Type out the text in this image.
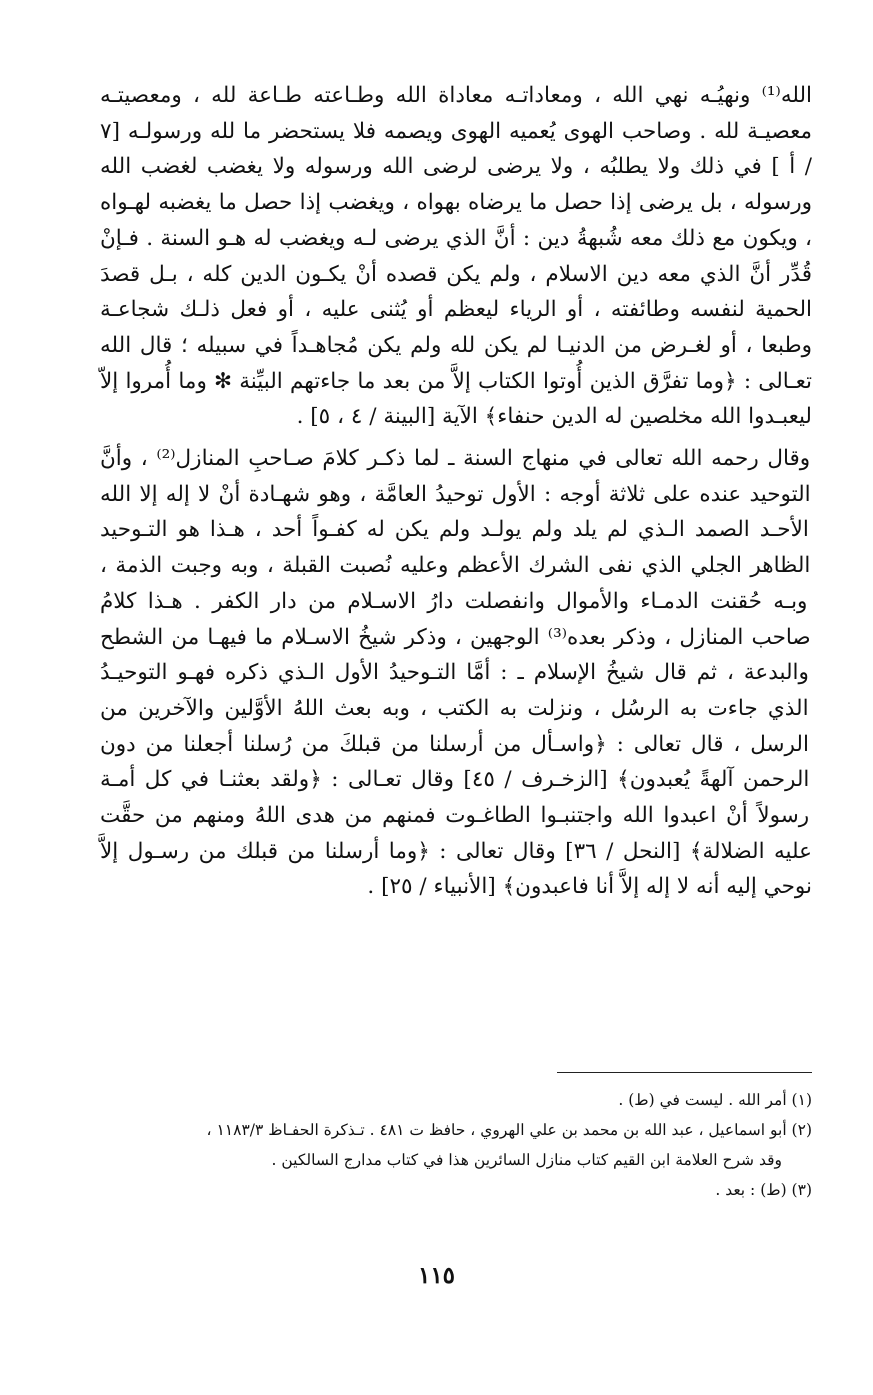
الله⁽¹⁾ ونهيُـه نهي الله ، ومعاداتـه معاداة الله وطـاعته طـاعة لله ، ومعصيتـه معصيـة لله . وصاحب الهوى يُعميه الهوى ويصمه فلا يستحضر ما لله ورسولـه [٧ / أ ] في ذلك ولا يطلبُه ، ولا يرضى لرضى الله ورسوله ولا يغضب لغضب الله ورسوله ، بل يرضى إذا حصل ما يرضاه بهواه ، ويغضب إذا حصل ما يغضبه لهـواه ، ويكون مع ذلك معه شُبهةُ دين : أنَّ الذي يرضى لـه ويغضب له هـو السنة . فـإنْ قُدِّر أنَّ الذي معه دين الاسلام ، ولم يكن قصده أنْ يكـون الدين كله ، بـل قصدَ الحمية لنفسه وطائفته ، أو الرياء ليعظم أو يُثنى عليه ، أو فعل ذلـك شجاعـة وطبعا ، أو لغـرض من الدنيـا لم يكن لله ولم يكن مُجاهـداً في سبيله ؛ قال الله تعـالى : ﴿وما تفرَّق الذين أُوتوا الكتاب إلاَّ من بعد ما جاءتهم البيِّنة ✻ وما أُمروا إلاّ ليعبـدوا الله مخلصين له الدين حنفاء﴾ الآية [البينة / ٤ ، ٥] .

وقال رحمه الله تعالى في منهاج السنة ـ لما ذكـر كلامَ صـاحبِ المنازل⁽²⁾ ، وأنَّ التوحيد عنده على ثلاثة أوجه : الأول توحيدُ العامَّة ، وهو شهـادة أنْ لا إله إلا الله الأحـد الصمد الـذي لم يلد ولم يولـد ولم يكن له كفـواً أحد ، هـذا هو التـوحيد الظاهر الجلي الذي نفى الشرك الأعظم وعليه نُصبت القبلة ، وبه وجبت الذمة ، وبـه حُقنت الدمـاء والأموال وانفصلت دارُ الاسـلام من دار الكفر . هـذا كلامُ صاحب المنازل ، وذكر بعده⁽³⁾ الوجهين ، وذكر شيخُ الاسـلام ما فيهـا من الشطح والبدعة ، ثم قال شيخُ الإسلام ـ : أمَّا التـوحيدُ الأول الـذي ذكره فهـو التوحيـدُ الذي جاءت به الرسُل ، ونزلت به الكتب ، وبه بعث اللهُ الأوَّلين والآخرين من الرسل ، قال تعالى : ﴿واسـأل من أرسلنا من قبلكَ من رُسلنا أجعلنا من دون الرحمن آلهةً يُعبدون﴾ [الزخـرف / ٤٥] وقال تعـالى : ﴿ولقد بعثنـا في كل أمـة رسولاً أنْ اعبدوا الله واجتنبـوا الطاغـوت فمنهم من هدى اللهُ ومنهم من حقَّت عليه الضلالة﴾ [النحل / ٣٦] وقال تعالى : ﴿وما أرسلنا من قبلك من رسـول إلاَّ نوحي إليه أنه لا إله إلاَّ أنا فاعبدون﴾ [الأنبياء / ٢٥] .

(١) أمر الله . ليست في (ط) .

(٢) أبو اسماعيل ، عبد الله بن محمد بن علي الهروي ، حافظ ت ٤٨١ . تـذكرة الحفـاظ ١١٨٣/٣ ،

وقد شرح العلامة ابن القيم كتاب منازل السائرين هذا في كتاب مدارج السالكين .

(٣) (ط) : بعد .

١١٥
